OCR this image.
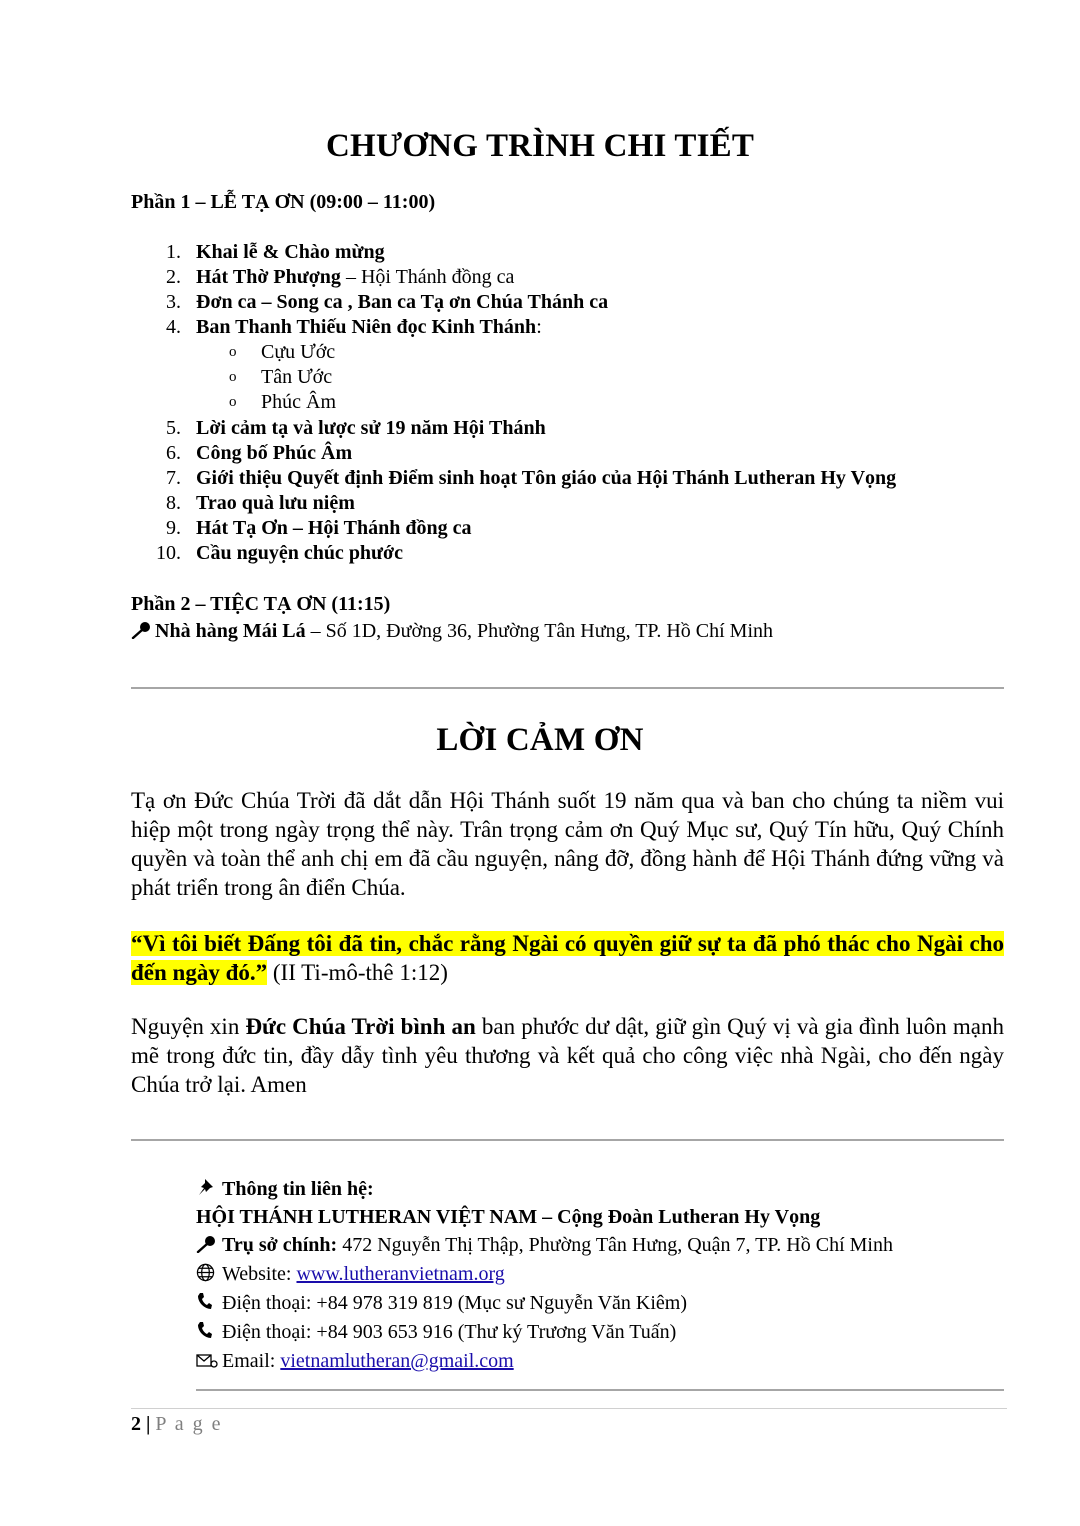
CHƯƠNG TRÌNH CHI TIẾT
Phần 1 – LỄ TẠ ƠN (09:00 – 11:00)
1. Khai lễ & Chào mừng
2. Hát Thờ Phượng – Hội Thánh đồng ca
3. Đơn ca – Song ca , Ban ca Tạ ơn Chúa Thánh ca
4. Ban Thanh Thiếu Niên đọc Kinh Thánh:
o Cựu Ước
o Tân Ước
o Phúc Âm
5. Lời cảm tạ và lược sử 19 năm Hội Thánh
6. Công bố Phúc Âm
7. Giới thiệu Quyết định Điểm sinh hoạt Tôn giáo của Hội Thánh Lutheran Hy Vọng
8. Trao quà lưu niệm
9. Hát Tạ Ơn – Hội Thánh đồng ca
10. Cầu nguyện chúc phước
Phần 2 – TIỆC TẠ ƠN (11:15)
Nhà hàng Mái Lá – Số 1D, Đường 36, Phường Tân Hưng, TP. Hồ Chí Minh
LỜI CẢM ƠN
Tạ ơn Đức Chúa Trời đã dắt dẫn Hội Thánh suốt 19 năm qua và ban cho chúng ta niềm vui hiệp một trong ngày trọng thể này. Trân trọng cảm ơn Quý Mục sư, Quý Tín hữu, Quý Chính quyền và toàn thể anh chị em đã cầu nguyện, nâng đỡ, đồng hành để Hội Thánh đứng vững và phát triển trong ân điển Chúa.
“Vì tôi biết Đấng tôi đã tin, chắc rằng Ngài có quyền giữ sự ta đã phó thác cho Ngài cho đến ngày đó.” (II Ti-mô-thê 1:12)
Nguyện xin Đức Chúa Trời bình an ban phước dư dật, giữ gìn Quý vị và gia đình luôn mạnh mẽ trong đức tin, đầy dẫy tình yêu thương và kết quả cho công việc nhà Ngài, cho đến ngày Chúa trở lại. Amen
Thông tin liên hệ:
HỘI THÁNH LUTHERAN VIỆT NAM – Cộng Đoàn Lutheran Hy Vọng
Trụ sở chính: 472 Nguyễn Thị Thập, Phường Tân Hưng, Quận 7, TP. Hồ Chí Minh
Website: www.lutheranvietnam.org
Điện thoại: +84 978 319 819 (Mục sư Nguyễn Văn Kiêm)
Điện thoại: +84 903 653 916 (Thư ký Trương Văn Tuấn)
Email: vietnamlutheran@gmail.com
2 | P a g e
